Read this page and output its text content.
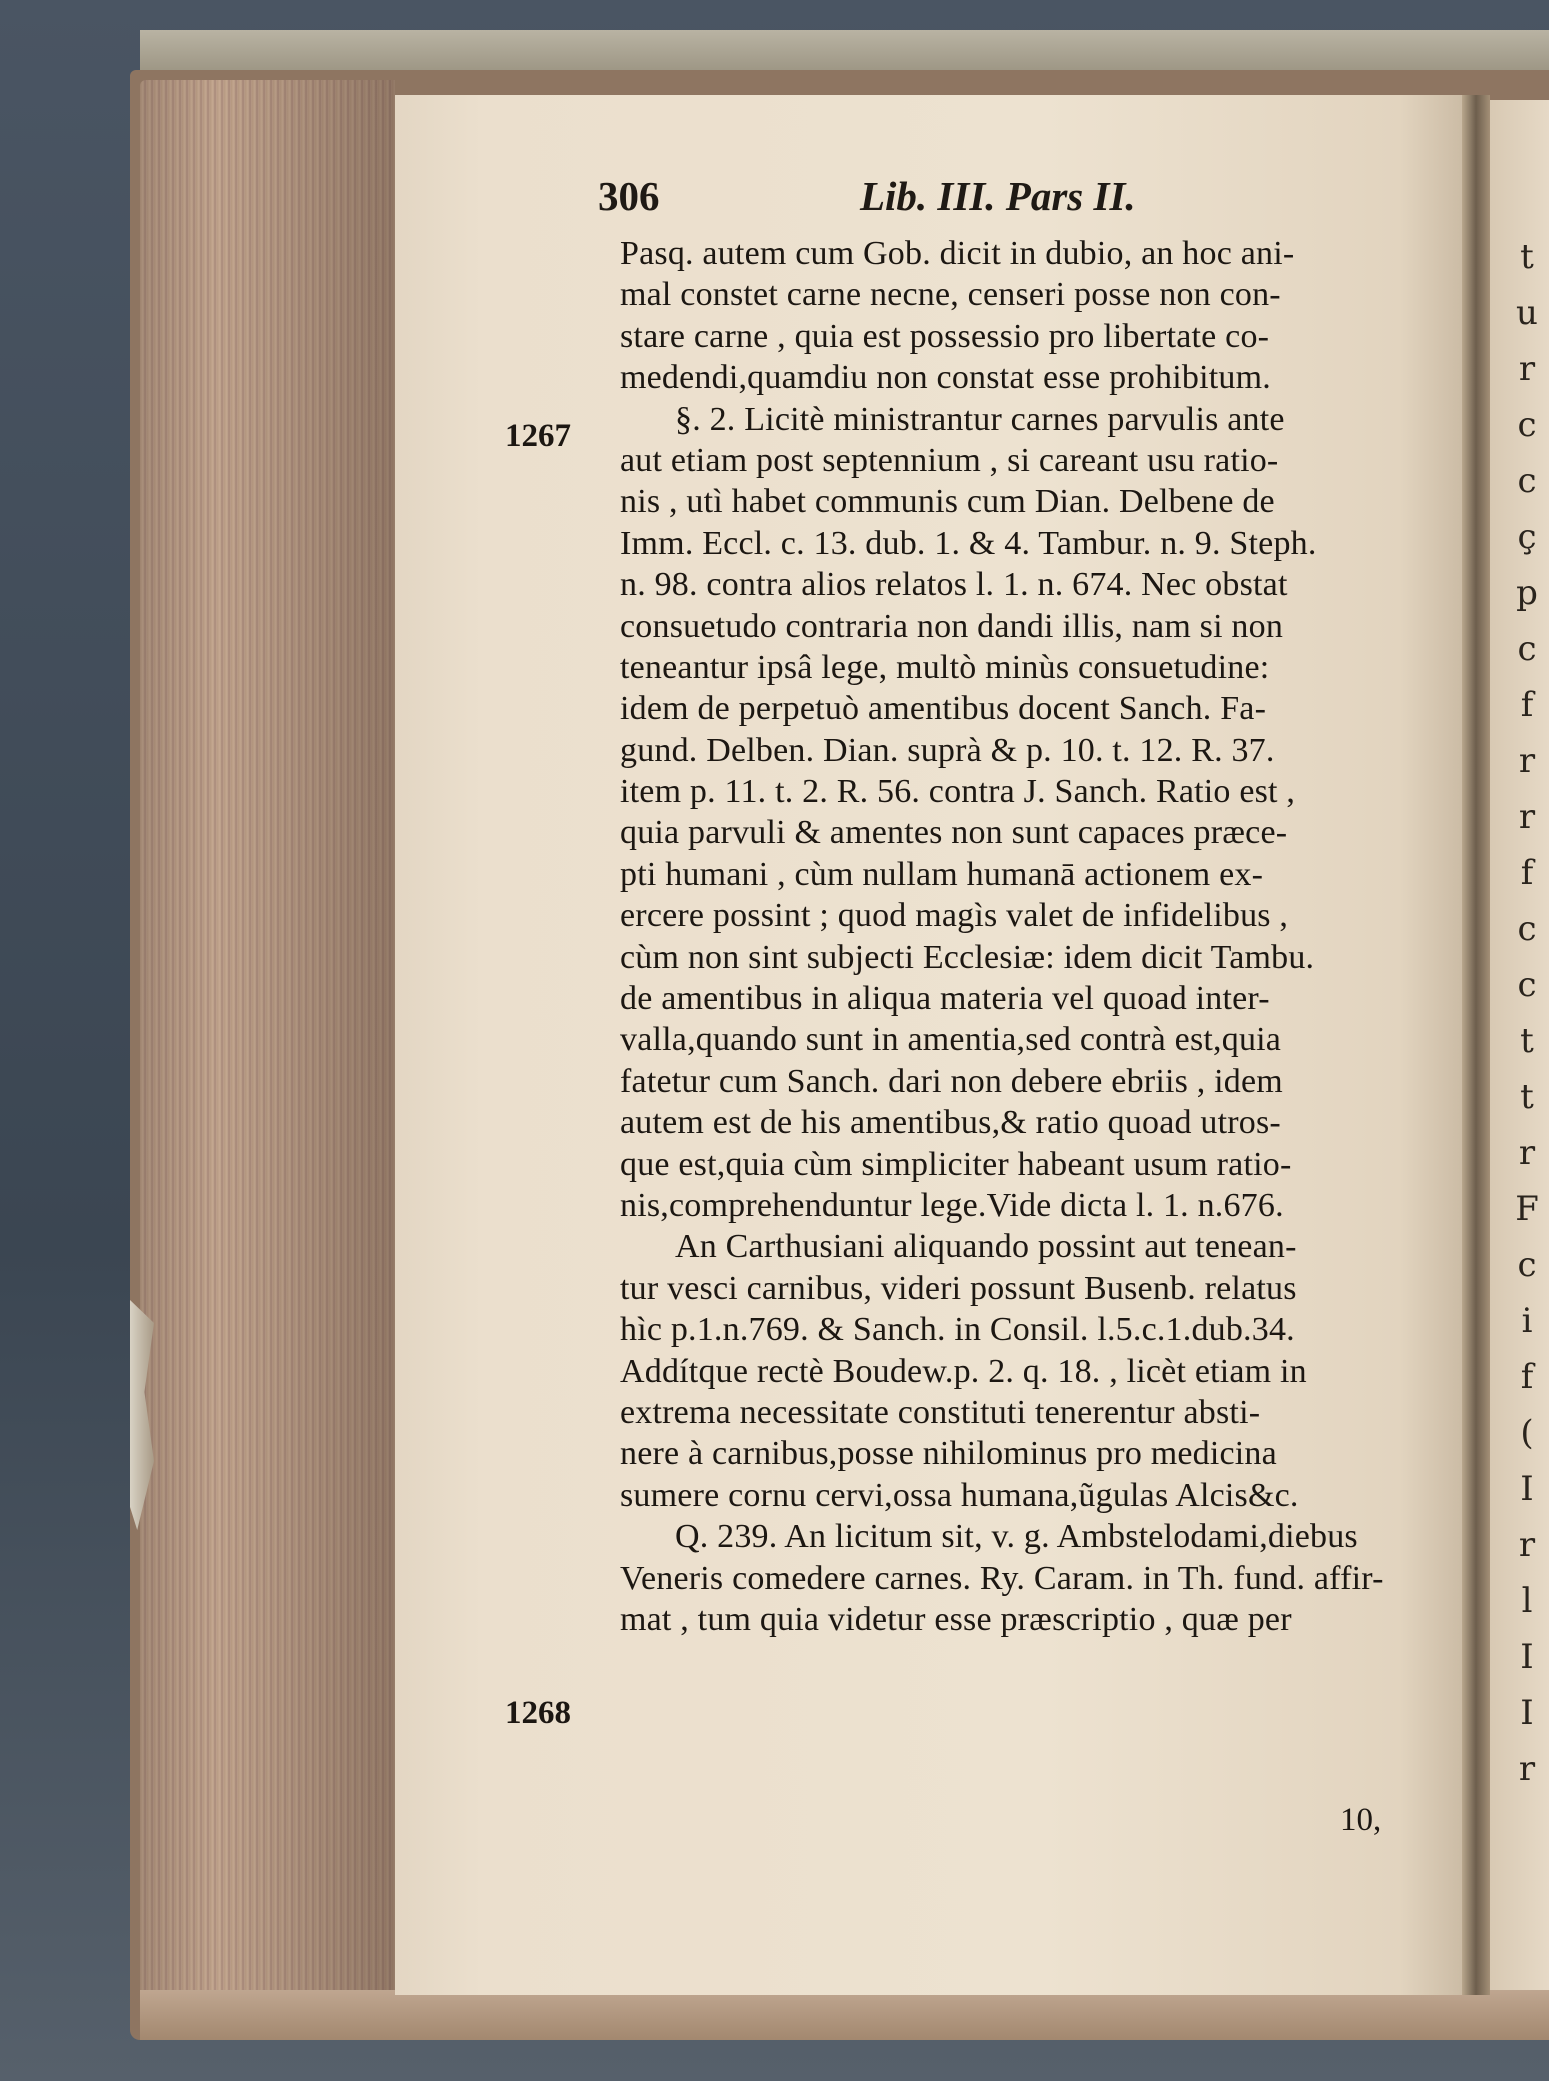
t
u
r
c
c
ç
p
c
f
r
r
f
c
c
t
t
r
F
c
i
f
(
I
r
l
I
I
r
306	Lib. III. Pars II.
1267
1268
Pasq. autem cum Gob. dicit in dubio, an hoc ani-
mal constet carne necne, censeri posse non con-
stare carne , quia est possessio pro libertate co-
medendi,quamdiu non constat esse prohibitum.
§. 2. Licitè ministrantur carnes parvulis ante
aut etiam post septennium , si careant usu ratio-
nis , utì habet communis cum Dian. Delbene de
Imm. Eccl. c. 13. dub. 1. & 4. Tambur. n. 9. Steph.
n. 98. contra alios relatos l. 1. n. 674. Nec obstat
consuetudo contraria non dandi illis, nam si non
teneantur ipsâ lege, multò minùs consuetudine:
idem de perpetuò amentibus docent Sanch. Fa-
gund. Delben. Dian. suprà & p. 10. t. 12. R. 37.
item p. 11. t. 2. R. 56. contra J. Sanch. Ratio est ,
quia parvuli & amentes non sunt capaces præce-
pti humani , cùm nullam humanā actionem ex-
ercere possint ; quod magìs valet de infidelibus ,
cùm non sint subjecti Ecclesiæ: idem dicit Tambu.
de amentibus in aliqua materia vel quoad inter-
valla,quando sunt in amentia,sed contrà est,quia
fatetur cum Sanch. dari non debere ebriis , idem
autem est de his amentibus,& ratio quoad utros-
que est,quia cùm simpliciter habeant usum ratio-
nis,comprehenduntur lege.Vide dicta l. 1. n.676.
An Carthusiani aliquando possint aut tenean-
tur vesci carnibus, videri possunt Busenb. relatus
hìc p.1.n.769. & Sanch. in Consil. l.5.c.1.dub.34.
Addítque rectè Boudew.p. 2. q. 18. , licèt etiam in
extrema necessitate constituti tenerentur absti-
nere à carnibus,posse nihilominus pro medicina
sumere cornu cervi,ossa humana,ũgulas Alcis&c.
Q. 239. An licitum sit, v. g. Ambstelodami,diebus
Veneris comedere carnes. Ry. Caram. in Th. fund. affir-
mat , tum quia videtur esse præscriptio , quæ per
10,
